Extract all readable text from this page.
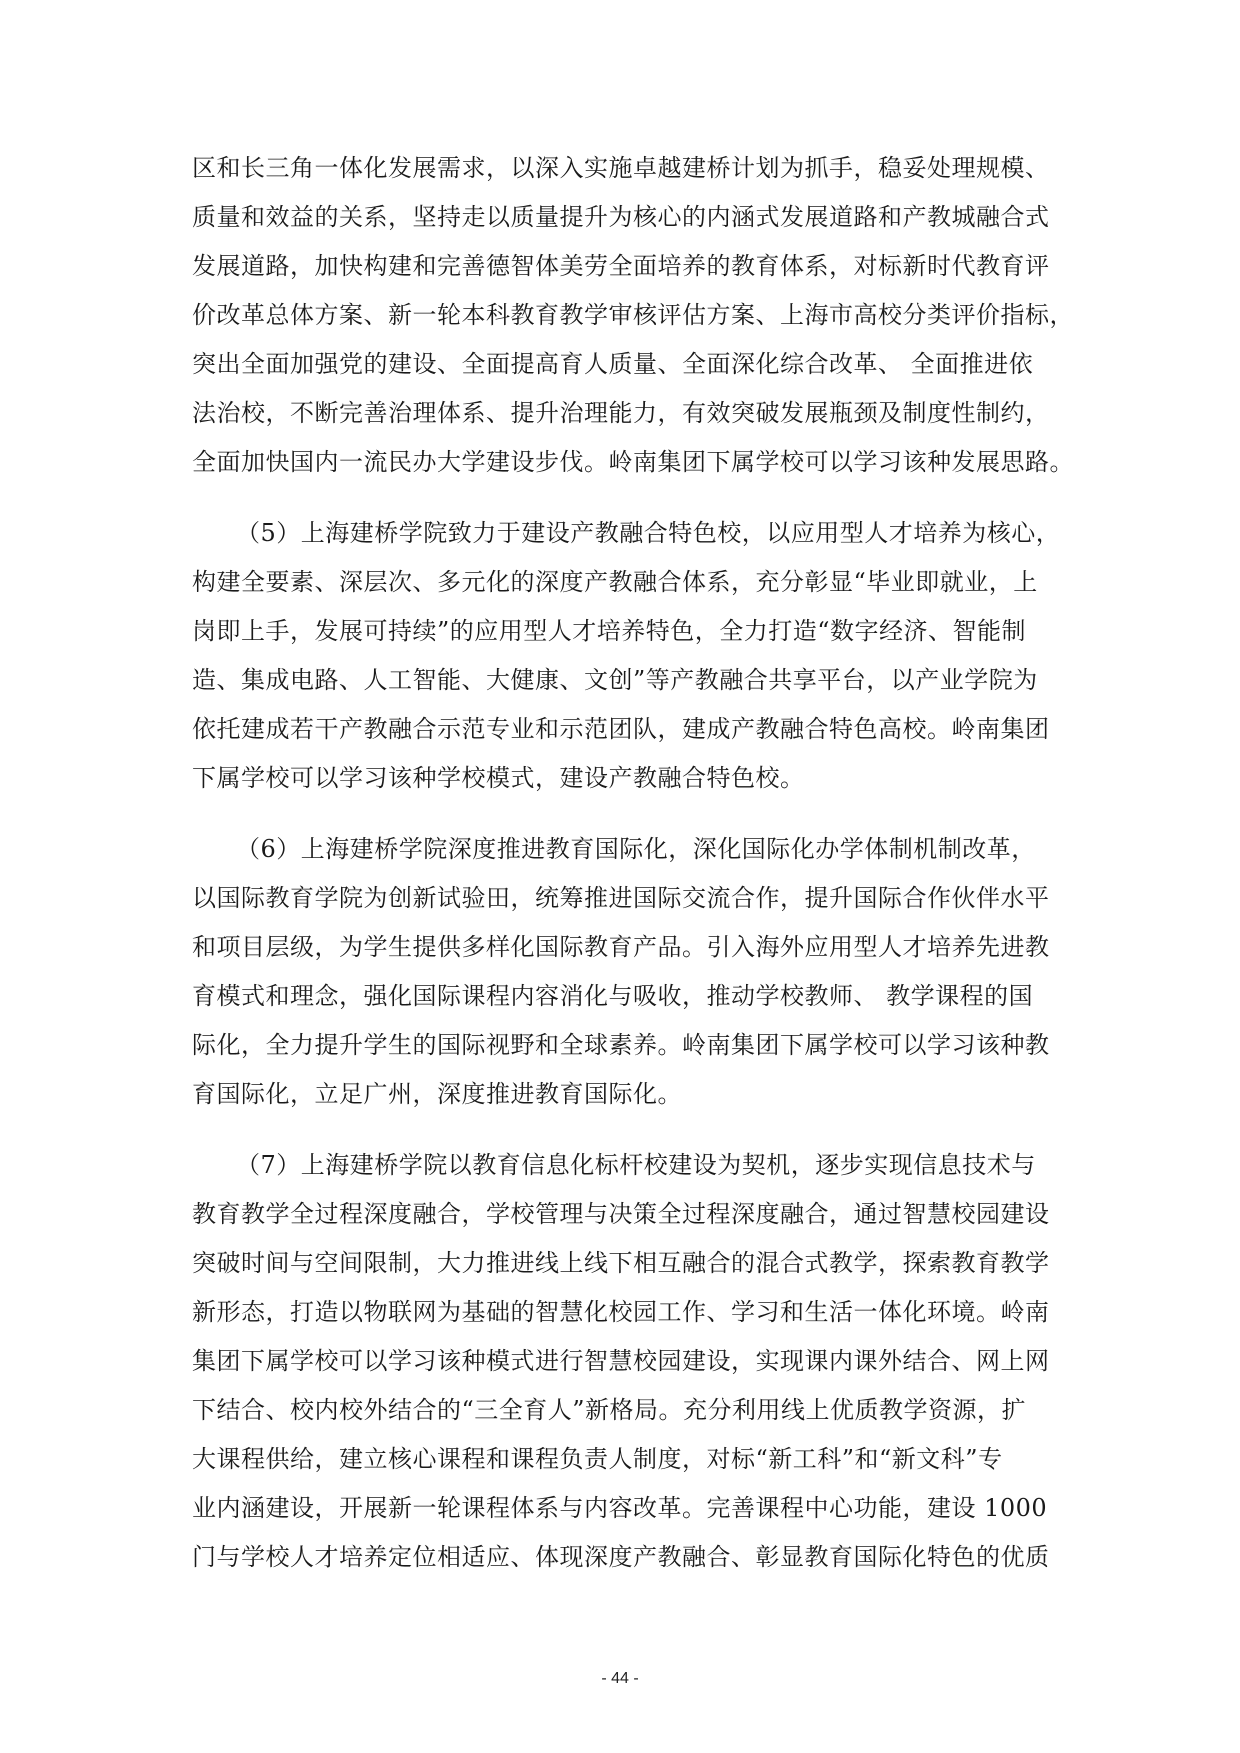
区和长三角一体化发展需求，以深入实施卓越建桥计划为抓手，稳妥处理规模、
质量和效益的关系，坚持走以质量提升为核心的内涵式发展道路和产教城融合式
发展道路，加快构建和完善德智体美劳全面培养的教育体系，对标新时代教育评
价改革总体方案、新一轮本科教育教学审核评估方案、上海市高校分类评价指标，
突出全面加强党的建设、全面提高育人质量、全面深化综合改革、 全面推进依
法治校，不断完善治理体系、提升治理能力，有效突破发展瓶颈及制度性制约，
全面加快国内一流民办大学建设步伐。岭南集团下属学校可以学习该种发展思路。

（5）上海建桥学院致力于建设产教融合特色校，以应用型人才培养为核心，
构建全要素、深层次、多元化的深度产教融合体系，充分彰显“毕业即就业，上
岗即上手，发展可持续”的应用型人才培养特色，全力打造“数字经济、智能制
造、集成电路、人工智能、大健康、文创”等产教融合共享平台，以产业学院为
依托建成若干产教融合示范专业和示范团队，建成产教融合特色高校。岭南集团
下属学校可以学习该种学校模式，建设产教融合特色校。

（6）上海建桥学院深度推进教育国际化，深化国际化办学体制机制改革，
以国际教育学院为创新试验田，统筹推进国际交流合作，提升国际合作伙伴水平
和项目层级，为学生提供多样化国际教育产品。引入海外应用型人才培养先进教
育模式和理念，强化国际课程内容消化与吸收，推动学校教师、 教学课程的国
际化，全力提升学生的国际视野和全球素养。岭南集团下属学校可以学习该种教
育国际化，立足广州，深度推进教育国际化。

（7）上海建桥学院以教育信息化标杆校建设为契机，逐步实现信息技术与
教育教学全过程深度融合，学校管理与决策全过程深度融合，通过智慧校园建设
突破时间与空间限制，大力推进线上线下相互融合的混合式教学，探索教育教学
新形态，打造以物联网为基础的智慧化校园工作、学习和生活一体化环境。岭南
集团下属学校可以学习该种模式进行智慧校园建设，实现课内课外结合、网上网
下结合、校内校外结合的“三全育人”新格局。充分利用线上优质教学资源，扩
大课程供给，建立核心课程和课程负责人制度，对标“新工科”和“新文科”专
业内涵建设，开展新一轮课程体系与内容改革。完善课程中心功能，建设 1000
门与学校人才培养定位相适应、体现深度产教融合、彰显教育国际化特色的优质

- 44 -
